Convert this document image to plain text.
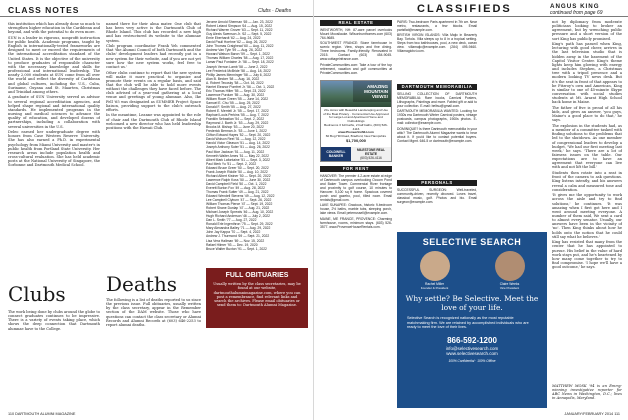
CLASS NOTES	Clubs · Deaths

this institution which has already done so much to strengthen higher education in the Caribbean and beyond, and with the potential to do even more.

SUN is a leader in rigorous, nonprofit instruction for public health. Academic programs, taught by English in internationally-tested frameworks are designed to meet or exceed the requirements of the international accreditation standard of the United States. It is the objective of the university to produce graduates of responsible character with the necessary knowledge and skills for professional and international leadership. The nearly 2,000 students at SUN come from all over the world and reflect the diversity of Caribbean and global cultures, including the U.S., Cuba, Suriname, Guyana and St. Maarten, Christmas and Trinidad among others.

A graduate of SUN University served as advisor to several regional accreditation agencies, and helped shape regional and international quality standards. He implemented programs in the nursing and medical sciences to advance the quality of education, and developed dozens of partnerships, including a collaboration with several universities in the U.S.

Deleo earned her undergraduate degree with honors from Case Western Reserve University. She has also earned a Ph.D. in experimental psychology from Miami University and master's in public health from Portland State University. Her research areas include population health and cross-cultural evaluation. She has held academic posts at the National University of Singapore, the Sorbonne and Dartmouth Medical School.

Clubs

The work being done by clubs around the globe to connect graduates continues to be impressive. There is a variety of events taking place, which shows the deep connection that Dartmouth alumnae have to the College.

named there for their alma mater. One club that has been very active is the Dartmouth Club of Rhode Island. This club has recorded a new high and has restructured its website to the alumnae system.

Club program coordinator Frank Yeh commented that 'the Alumni Council of both Dartmouth and the clubs' development leaders had recently put in a new system for their website, and if you are not yet sure how the new system works, feel free to contact us.'

Other clubs continue to report that the new system will make it more practical to organize and promote their events on a regular basis, and said that the club will be able to hold more events without the challenges they have faced before. The club advised of a year-end gathering at a local venue and greetings of young alumnae. Also, Ike Fell '65 was designated as SUMMER Project Space liaison, providing support to the club's outreach efforts.

In the meantime, Leanne was appointed to the role of chair and the Dartmouth Club of Rhode Island welcomed a new director who has held leadership positions with the Hawaii Club.

Deaths

The following is a list of deaths reported to us since the previous issue. Full obituaries, usually written by the class secretary, appear in the Remember section of the DAM website. Those who have questions can contact the class secretary or Alumni Records and Alumni Records at (603) 646-2253 to report alumni deaths.

Jerome Arnold Sherman '65 — Jan. 23, 2022
Robert Leland Simpson '64 — Aug. 15, 2022
Richard Warren Grover '63 — Sept. 11, 2022
Guy Alexis Swenson Jr. '62 — Sept. 5, 2022
Ernie Eberhardt '62 — Aug. 24, 2022
David Paull Hoehne '62 — Aug. 26, 2022
John Thomas Craighead '60 — Aug. 11, 2022
Andrew Van Tyle '59 — Aug. 26, 2022
Howard Watson Baron '59 — Sept. 1, 2022
Thomas William Charles '58 — Aug. 17, 2022
Lamar Paul Fontaine Jr. '58 — Sept. 18, 2022
Joseph Vernon Lamb '58 — June 2, 2022
Lee Frederick McBride '58 — Aug. 18, 2022
Phillip James Menninger '58 — July 6, 2022
Alan B. Becker '58 — Aug. 16, 2022
A. Robert Tecosky '58 — Oct. 16, 2022
Harriet Eleanor Pomfret Jr. '56 — Oct. 1, 2022
Eric Thomas Hiller '55 — Sept. 23, 2022
Lawrence Purdum '55 — Aug. 30, 2022
William Rowe Green '55 — June 14, 2022
Samuel E. Chu '55 — Aug. 25, 2022
Donald F. Smith '55 — Aug. 27, 2022
Robert E. Merriell Jr. '55 — Sept. 17, 2022
Raphael Louis Perkins '55 — Aug. 7, 2022
Franklin Sebastian '54 — Sept. 2, 2022
Raymond J. Barth Jr. '53 — Aug. 29, 2022
Brooks M. Bishop '53 — June 20, 2022
Frederick Berman Jr. '53 — June 1, 2022
Clifton Edward Hayes '52 — Sept. 20, 2022
David Wolson Reel '51 — Aug. 12, 2022
Harold Victor Gleason '51 — Aug. 14, 2022
Joseph Anthony Suter '51 — Aug. 26, 2022
Paul Moe Jackson '51 — Aug. 11, 2022
Kenneth Walter Ames '51 — May 22, 2022
Albert Mark Lafontaine '51 — Sept. 3, 2022
Paul Merk Yu '51 — Sept. 2, 2022
Edward Bruce Greer '50 — Sept. 20, 2022
Frank Joseph Riddle '50 — Aug. 10, 2022
Richard Albert Kistner '50 — Sept. 20, 2022
Lawrence Ralph Koss '50 — June 30, 2022
David Campbell Field '50 — Oct. 1, 2022
Everett Burton Fox '49 — Aug. 28, 2022
Thomas Frank Sutter '49 — Aug. 21, 2022
Edward Wendell Stevens '49 — Aug. 12, 2022
Lee Campbell Clyburn '47 — Sept. 26, 2022
William Thomas Pierce '47 — Sept. 19, 2022
Robert Shane Dunlap '47 — Aug. 21, 2022
Michael Joseph Sprewls '46 — Aug. 10, 2022
Hugh Richard Anderson '46 — July 2, 2022
Dan L. Smith '77 — Aug. 27, 2022
Ronald Erle Ingenthron '75 — Sept. 29, 2022
Mary Alexandra Bailey '71 — Aug. 29, 2022
John Jay Kappa '70 — Sept. 4, 2022
Andrew J. Thurmond '69 — Sept. 21, 2022
Lisa Vera Hallman '69 — Nov. 15, 2022
Rafael Hilmer '93 — Dec. 19, 2020
Bruce Walter Buxton '91 — Sept. 1, 2022
FULL OBITUARIES
Usually written by the class secretaries, may be found at our website, dartmouthalumnimagazine.com, where you can post a remembrance, find relevant links and search the archives. Please email obituaries or send them to: Dartmouth Alumni Magazine.
110 DARTMOUTH ALUMNI MAGAZINE
CLASSIFIEDS	ANGUS KING
continued from page 69
REAL ESTATE

WENTWORTH, NH: 87-acre parcel overlooks Mount Moosilauke. Wilsonhunthomes.com (603) 764-9685.

SOUTHWEST FRANCE: Stone farmhouse in scenic region. View, shops and fine dining. Three bedrooms. Family-friendly. Renovated in 2015. Contact (603) 454-9045. www.cottageinfrance.com.

PrivateCommunities.com: Take a tour of the top retirement, vacation and golf communities at PrivateCommunities.com.

AMAZING MOUNTAIN VIEWS!
20+ Acres with Beautiful Landscaping and Use of the Boat Privacy · Commercial Use Approved for Large Lot and Apartment Home and Outbuildings
Bedrooms 3 full baths, 2 half baths, (603) 526-4116
www.PioneerInnNH.com
60 Bog Hill Road, Bradford, New Hampshire
$1,700,000
COLDWELL BANKER
MILESTONE REAL ESTATE
(603) 526-4116
FOR RENT

HANOVER: The premier 4.2-acre estate at edge of Dartmouth campus overlooking Occom Pond and Baker Tower. Commercial River frontage and proximity to golf course, 10 minutes to Hanover. 5,100 sq ft home. Spacious covered porch and gazebo, pool, tilled room. Email rentals@gmail.com.

LAKE SUNAPEE: Gracious, historic 9-bedroom house, 2½ baths, marble tubs, sleeping porch, lake views. Email peterrussell@example.com.

MAINE, ME FRANCE, PROVENCE: Charming farmhouse, rooms, minimum stays. (603) 526-3577. www.ProvenceHouseRentals.com.

PARIS: Two-bedroom Paris apartment in 7th arr. Near metro, restaurants, a few blocks. Email parisflat@example.com.

BRITISH VIRGIN ISLANDS: Villa Majic in Beaverly Bay. Tortola. Villa sleeps up to 8 in a tropical setting. Steps from two bathhouses, pool, a new deck, ocean view. villamajic@example.com. (284) 495-9460. Villamagicbvi.com.

DARTMOUTH MEMORABILIA

SELLING COLLECTION OF DARTMOUTH MEMORABILIA: Rare books, Carnival Posters, Lithographs, Paintings and more. Fabled gift or add to your collection. E-mail: beltsu@gmail.com.

DARTMOUTH MEMORABILIA WANTED: Looking for 1930s era Dartmouth Winter Carnival posters, vintage postcards, campus photographs, 1900s photos. E-mail: collector@example.com.

DOMINIQUE? Is there Dartmouth memorabilia in your attic? The Dartmouth Alumni Magazine wants to hear about it. If you'd like to contact potential buyers. Contact Mgmt. 646-5 or dartmouth@example.com.

PERSONALS

SUCCESSFUL SURGEON: Well-traveled, community-driven, recently divorced. Loves travel, classical music, golf. Photos and bio. Email surgeon@example.com.

SELECTIVE SEARCH
Rachel Miller
Founder & President
Claire Weeks
Vice President
Why settle? Be Selective. Meet the love of your life.
Selective Search is recognized nationally as the most reputable matchmaking firm. We are retained by accomplished individuals who are ready to meet the love of their lives.
866-592-1200
info@selectivesearch.com
www.selectivesearch.com
100% Confidential · 100% Offline

not by diplomacy from moderate politicians looking to broker an agreement, but by wrenching public pressure and a short version of the sort King has publicly promised.

King's path has passed when King, lecturing with good cheer, arrives in the last television studio that is hidden away in the basement of the Capitol Visitor Center. King's theme lights keep him glowing with energy and includes Stephen, a Christmas tree with a tripod presence and a modern looking TV news desk. But it's the seat in front of that appears to be Fitzroy's own and American, King is similar to one of 45-minute Skype conversation with social studies students at Mt. Ararat High School back home in Maine.

The father of five is proud of all his kids, and gives an answer, 'you guys, Maine's a good place to do that,' he says.

The explosion in the students had, as a member of a committee tasked with finding solutions to the problems that led to the shutdown. As one member of congressional leaders to develop a budget, 'We had our first meeting last week,' he says. 'There are a lot of fairness issues on the table. Our expectations are to have an agreement that everyone can live with and not lift the bill.'

Students then rotate into a seat in front of the camera to ask questions. King listens intently, and his answers reveal a calm and measured tone and consideration.

'It gives me the opportunity to work across the aisle and try to find solutions,' he continues. 'It was amazing when I first got here and I went around meeting everyone. A number of them said, We sent a card to almost every senator. Usually, our answers have been in the vicinity of 'no'. Then King thinks about how he holds onto the notion that he could still say what he believes.'

King has resisted that many from the center that he has appointed to pursue. His belief in the value of hard work stays put, and he's heartened by how many come together to try to find compromise. 'I hope we'll have a good outcome,' he says.

MATTHEW MOSK '94 is an Emmy-winning investigative reporter for ABC News in Washington, D.C.; lives in Annapolis, Maryland.
JANUARY/FEBRUARY 2014 111
